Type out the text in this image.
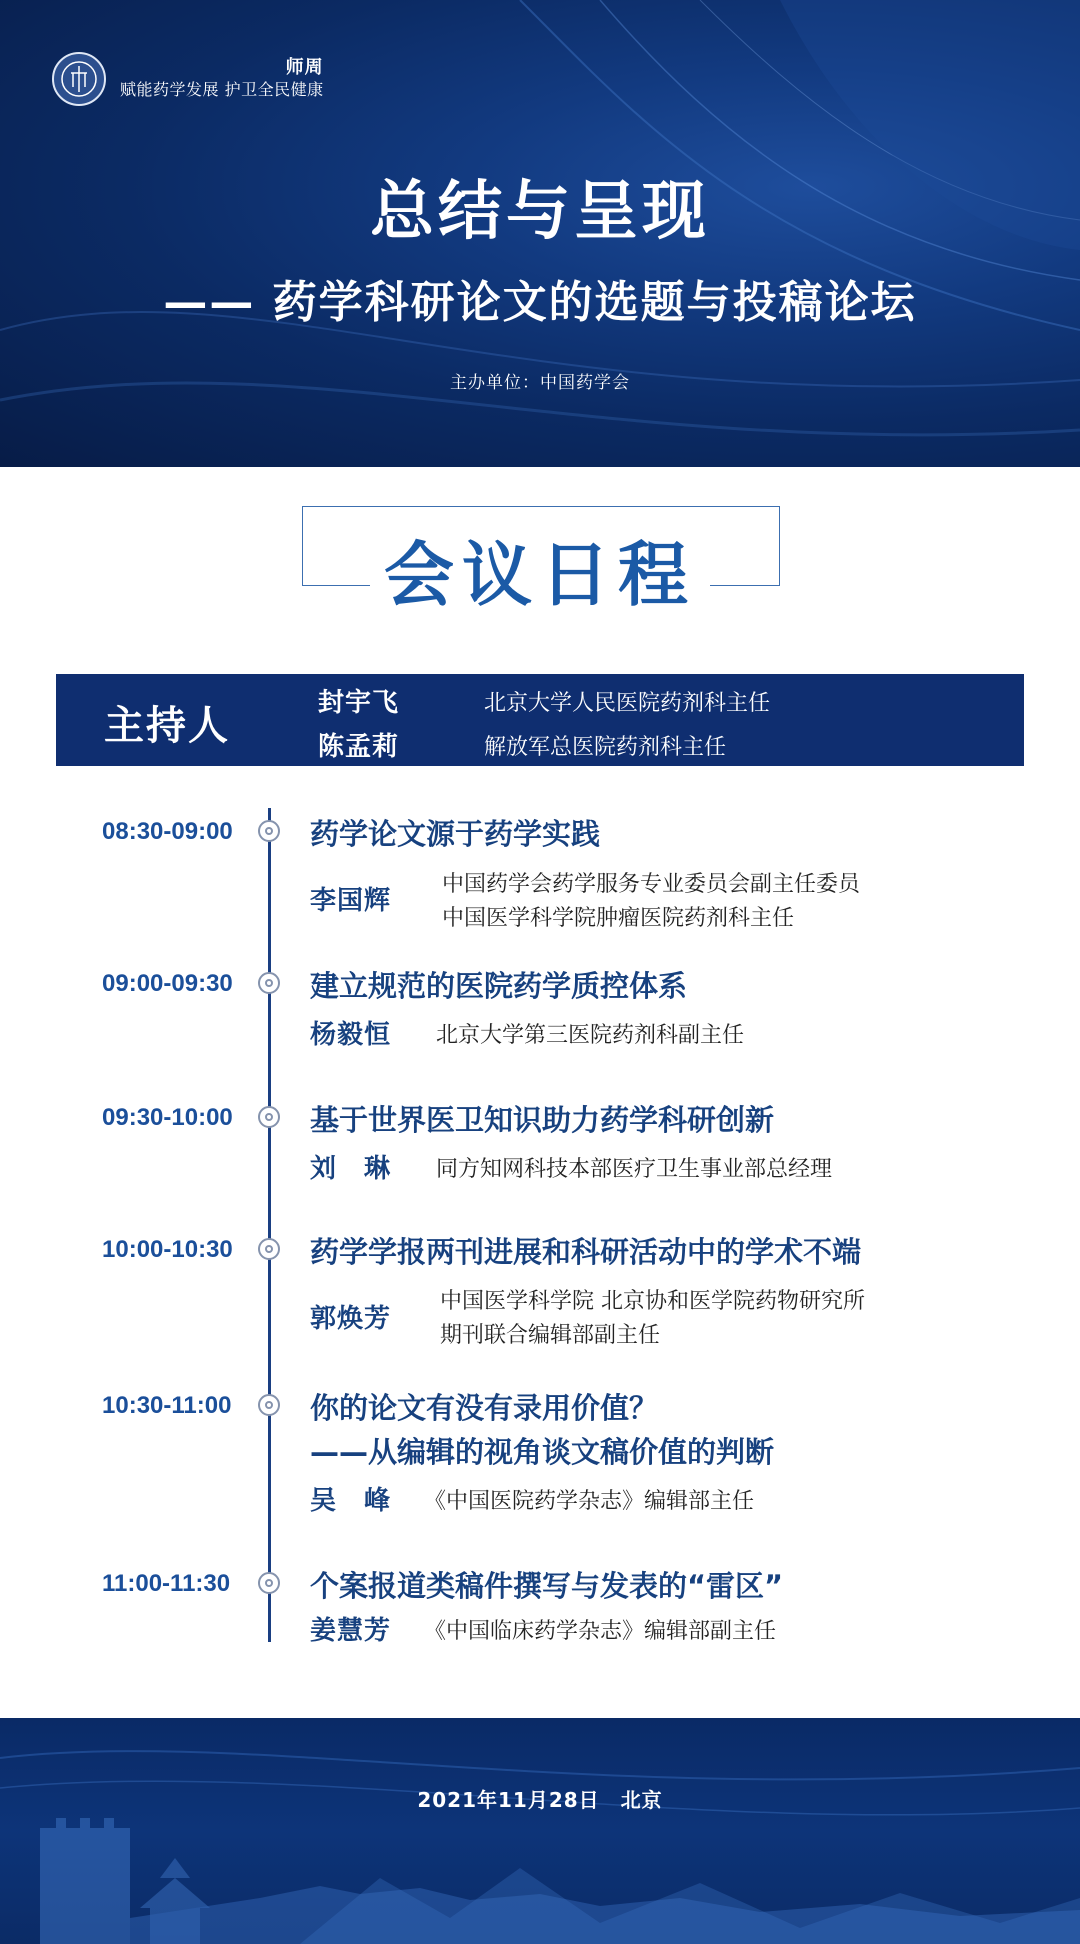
师周
赋能药学发展 护卫全民健康
总结与呈现
—— 药学科研论文的选题与投稿论坛
主办单位：中国药学会
会议日程
主持人	封宇飞	北京大学人民医院药剂科主任
陈孟莉	解放军总医院药剂科主任
08:30-09:00	药学论文源于药学实践
李国辉
中国药学会药学服务专业委员会副主任委员
中国医学科学院肿瘤医院药剂科主任
09:00-09:30	建立规范的医院药学质控体系
杨毅恒 北京大学第三医院药剂科副主任
09:30-10:00	基于世界医卫知识助力药学科研创新
刘　琳 同方知网科技本部医疗卫生事业部总经理
10:00-10:30	药学学报两刊进展和科研活动中的学术不端
郭焕芳
中国医学科学院 北京协和医学院药物研究所
期刊联合编辑部副主任
10:30-11:00	你的论文有没有录用价值？
——从编辑的视角谈文稿价值的判断
吴　峰 《中国医院药学杂志》编辑部主任
11:00-11:30	个案报道类稿件撰写与发表的“雷区”
姜慧芳 《中国临床药学杂志》编辑部副主任
2021年11月28日　北京
